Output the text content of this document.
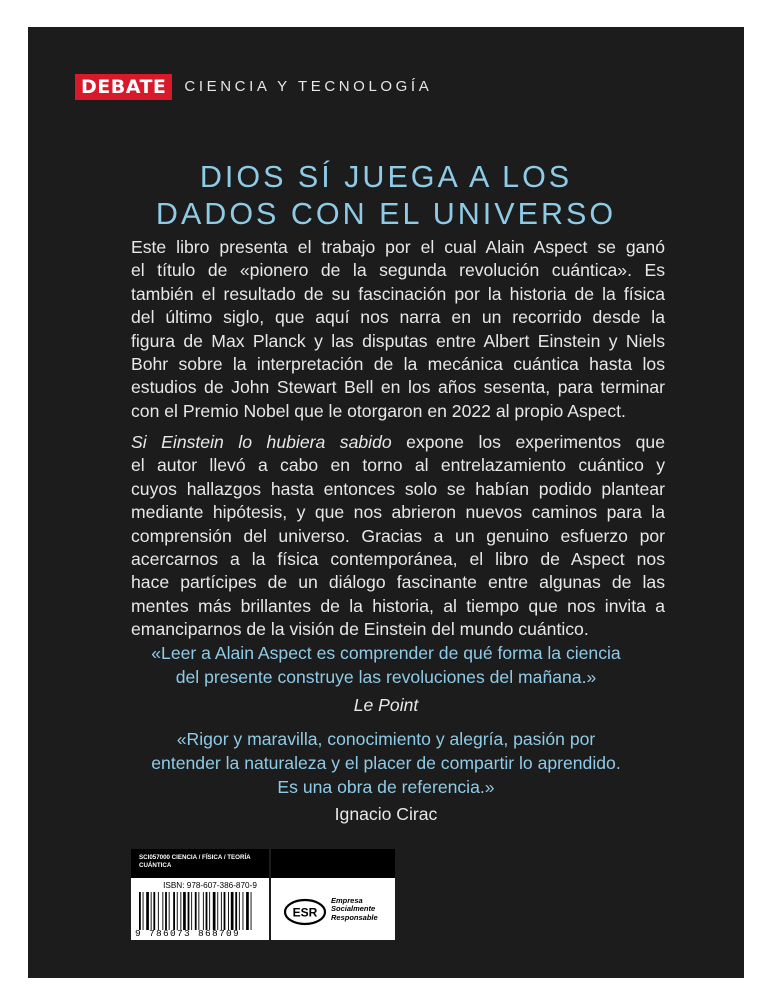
DEBATE	CIENCIA Y TECNOLOGÍA
DIOS SÍ JUEGA A LOS
DADOS CON EL UNIVERSO

Este libro presenta el trabajo por el cual Alain Aspect se ganó
el título de «pionero de la segunda revolución cuántica». Es
también el resultado de su fascinación por la historia de la física
del último siglo, que aquí nos narra en un recorrido desde la
figura de Max Planck y las disputas entre Albert Einstein y Niels
Bohr sobre la interpretación de la mecánica cuántica hasta los
estudios de John Stewart Bell en los años sesenta, para terminar
con el Premio Nobel que le otorgaron en 2022 al propio Aspect.

Si Einstein lo hubiera sabido expone los experimentos que
el autor llevó a cabo en torno al entrelazamiento cuántico y
cuyos hallazgos hasta entonces solo se habían podido plantear
mediante hipótesis, y que nos abrieron nuevos caminos para la
comprensión del universo. Gracias a un genuino esfuerzo por
acercarnos a la física contemporánea, el libro de Aspect nos
hace partícipes de un diálogo fascinante entre algunas de las
mentes más brillantes de la historia, al tiempo que nos invita a
emanciparnos de la visión de Einstein del mundo cuántico.

«Leer a Alain Aspect es comprender de qué forma la ciencia
del presente construye las revoluciones del mañana.»
Le Point
«Rigor y maravilla, conocimiento y alegría, pasión por
entender la naturaleza y el placer de compartir lo aprendido.
Es una obra de referencia.»
Ignacio Cirac
SCI057000 CIENCIA / FÍSICA / TEORÍA
CUÁNTICA
ISBN: 978-607-386-870-9
9 786073 868709
ESR
Empresa
Socialmente
Responsable
